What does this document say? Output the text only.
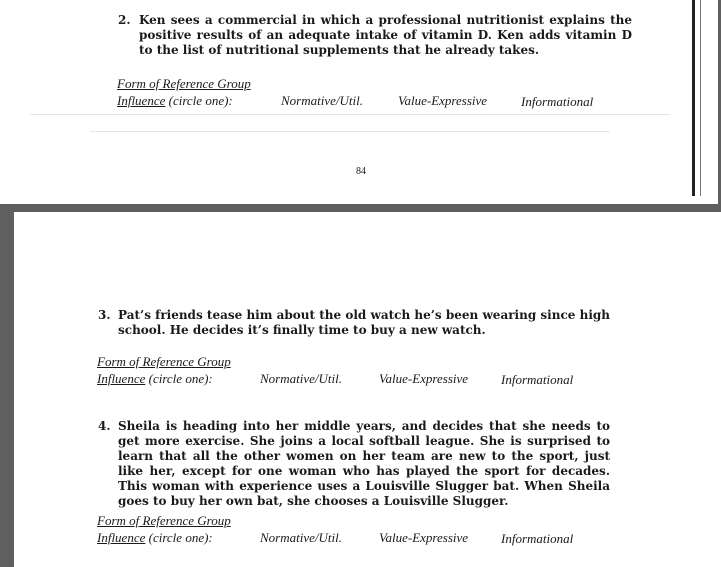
2. Ken sees a commercial in which a professional nutritionist explains the positive results of an adequate intake of vitamin D. Ken adds vitamin D to the list of nutritional supplements that he already takes.
Form of Reference Group
Influence (circle one):	Normative/Util.	Value-Expressive	Informational
84
3. Pat’s friends tease him about the old watch he’s been wearing since high school. He decides it’s finally time to buy a new watch.
Form of Reference Group
Influence (circle one):	Normative/Util.	Value-Expressive	Informational
4. Sheila is heading into her middle years, and decides that she needs to get more exercise. She joins a local softball league. She is surprised to learn that all the other women on her team are new to the sport, just like her, except for one woman who has played the sport for decades. This woman with experience uses a Louisville Slugger bat. When Sheila goes to buy her own bat, she chooses a Louisville Slugger.
Form of Reference Group
Influence (circle one):	Normative/Util.	Value-Expressive	Informational
